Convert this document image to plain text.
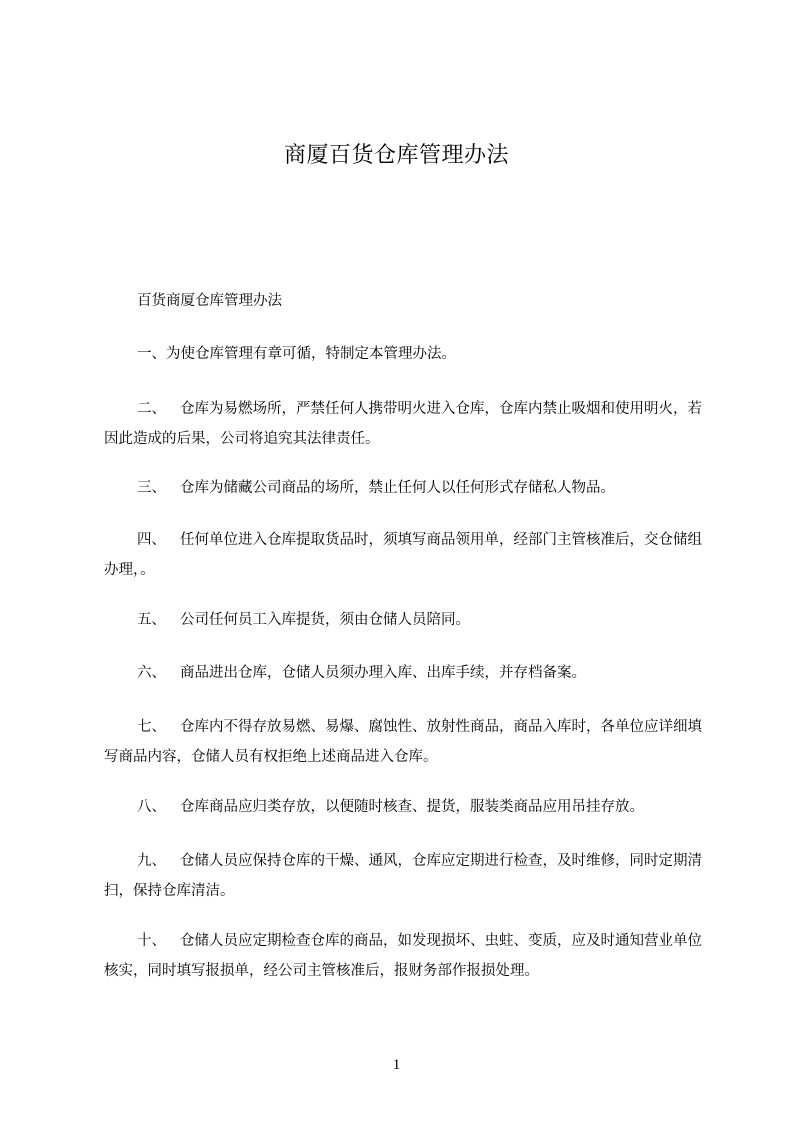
商厦百货仓库管理办法
百货商厦仓库管理办法
一、为使仓库管理有章可循，特制定本管理办法。
二、 仓库为易燃场所，严禁任何人携带明火进入仓库，仓库内禁止吸烟和使用明火，若因此造成的后果，公司将追究其法律责任。
三、 仓库为储藏公司商品的场所，禁止任何人以任何形式存储私人物品。
四、 任何单位进入仓库提取货品时，须填写商品领用单，经部门主管核准后，交仓储组办理，。
五、 公司任何员工入库提货，须由仓储人员陪同。
六、 商品进出仓库，仓储人员须办理入库、出库手续，并存档备案。
七、 仓库内不得存放易燃、易爆、腐蚀性、放射性商品，商品入库时，各单位应详细填写商品内容，仓储人员有权拒绝上述商品进入仓库。
八、 仓库商品应归类存放，以便随时核查、提货，服装类商品应用吊挂存放。
九、 仓储人员应保持仓库的干燥、通风，仓库应定期进行检查，及时维修，同时定期清扫，保持仓库清洁。
十、 仓储人员应定期检查仓库的商品，如发现损坏、虫蛀、变质，应及时通知营业单位核实，同时填写报损单，经公司主管核准后，报财务部作报损处理。
1
